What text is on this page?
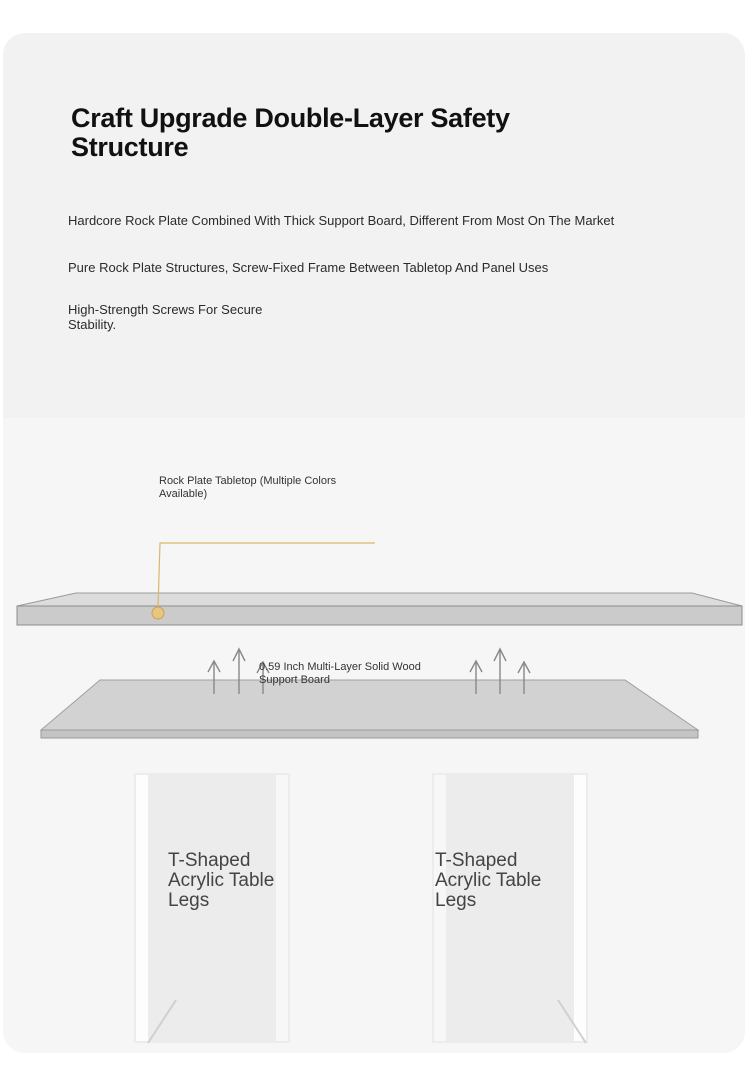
Craft Upgrade Double-Layer Safety Structure
Hardcore Rock Plate Combined With Thick Support Board, Different From Most On The Market
Pure Rock Plate Structures, Screw-Fixed Frame Between Tabletop And Panel Uses
High-Strength Screws For Secure Stability.
Rock Plate Tabletop (Multiple Colors Available)
0.59 Inch Multi-Layer Solid Wood Support Board
T-Shaped Acrylic Table Legs
T-Shaped Acrylic Table Legs
